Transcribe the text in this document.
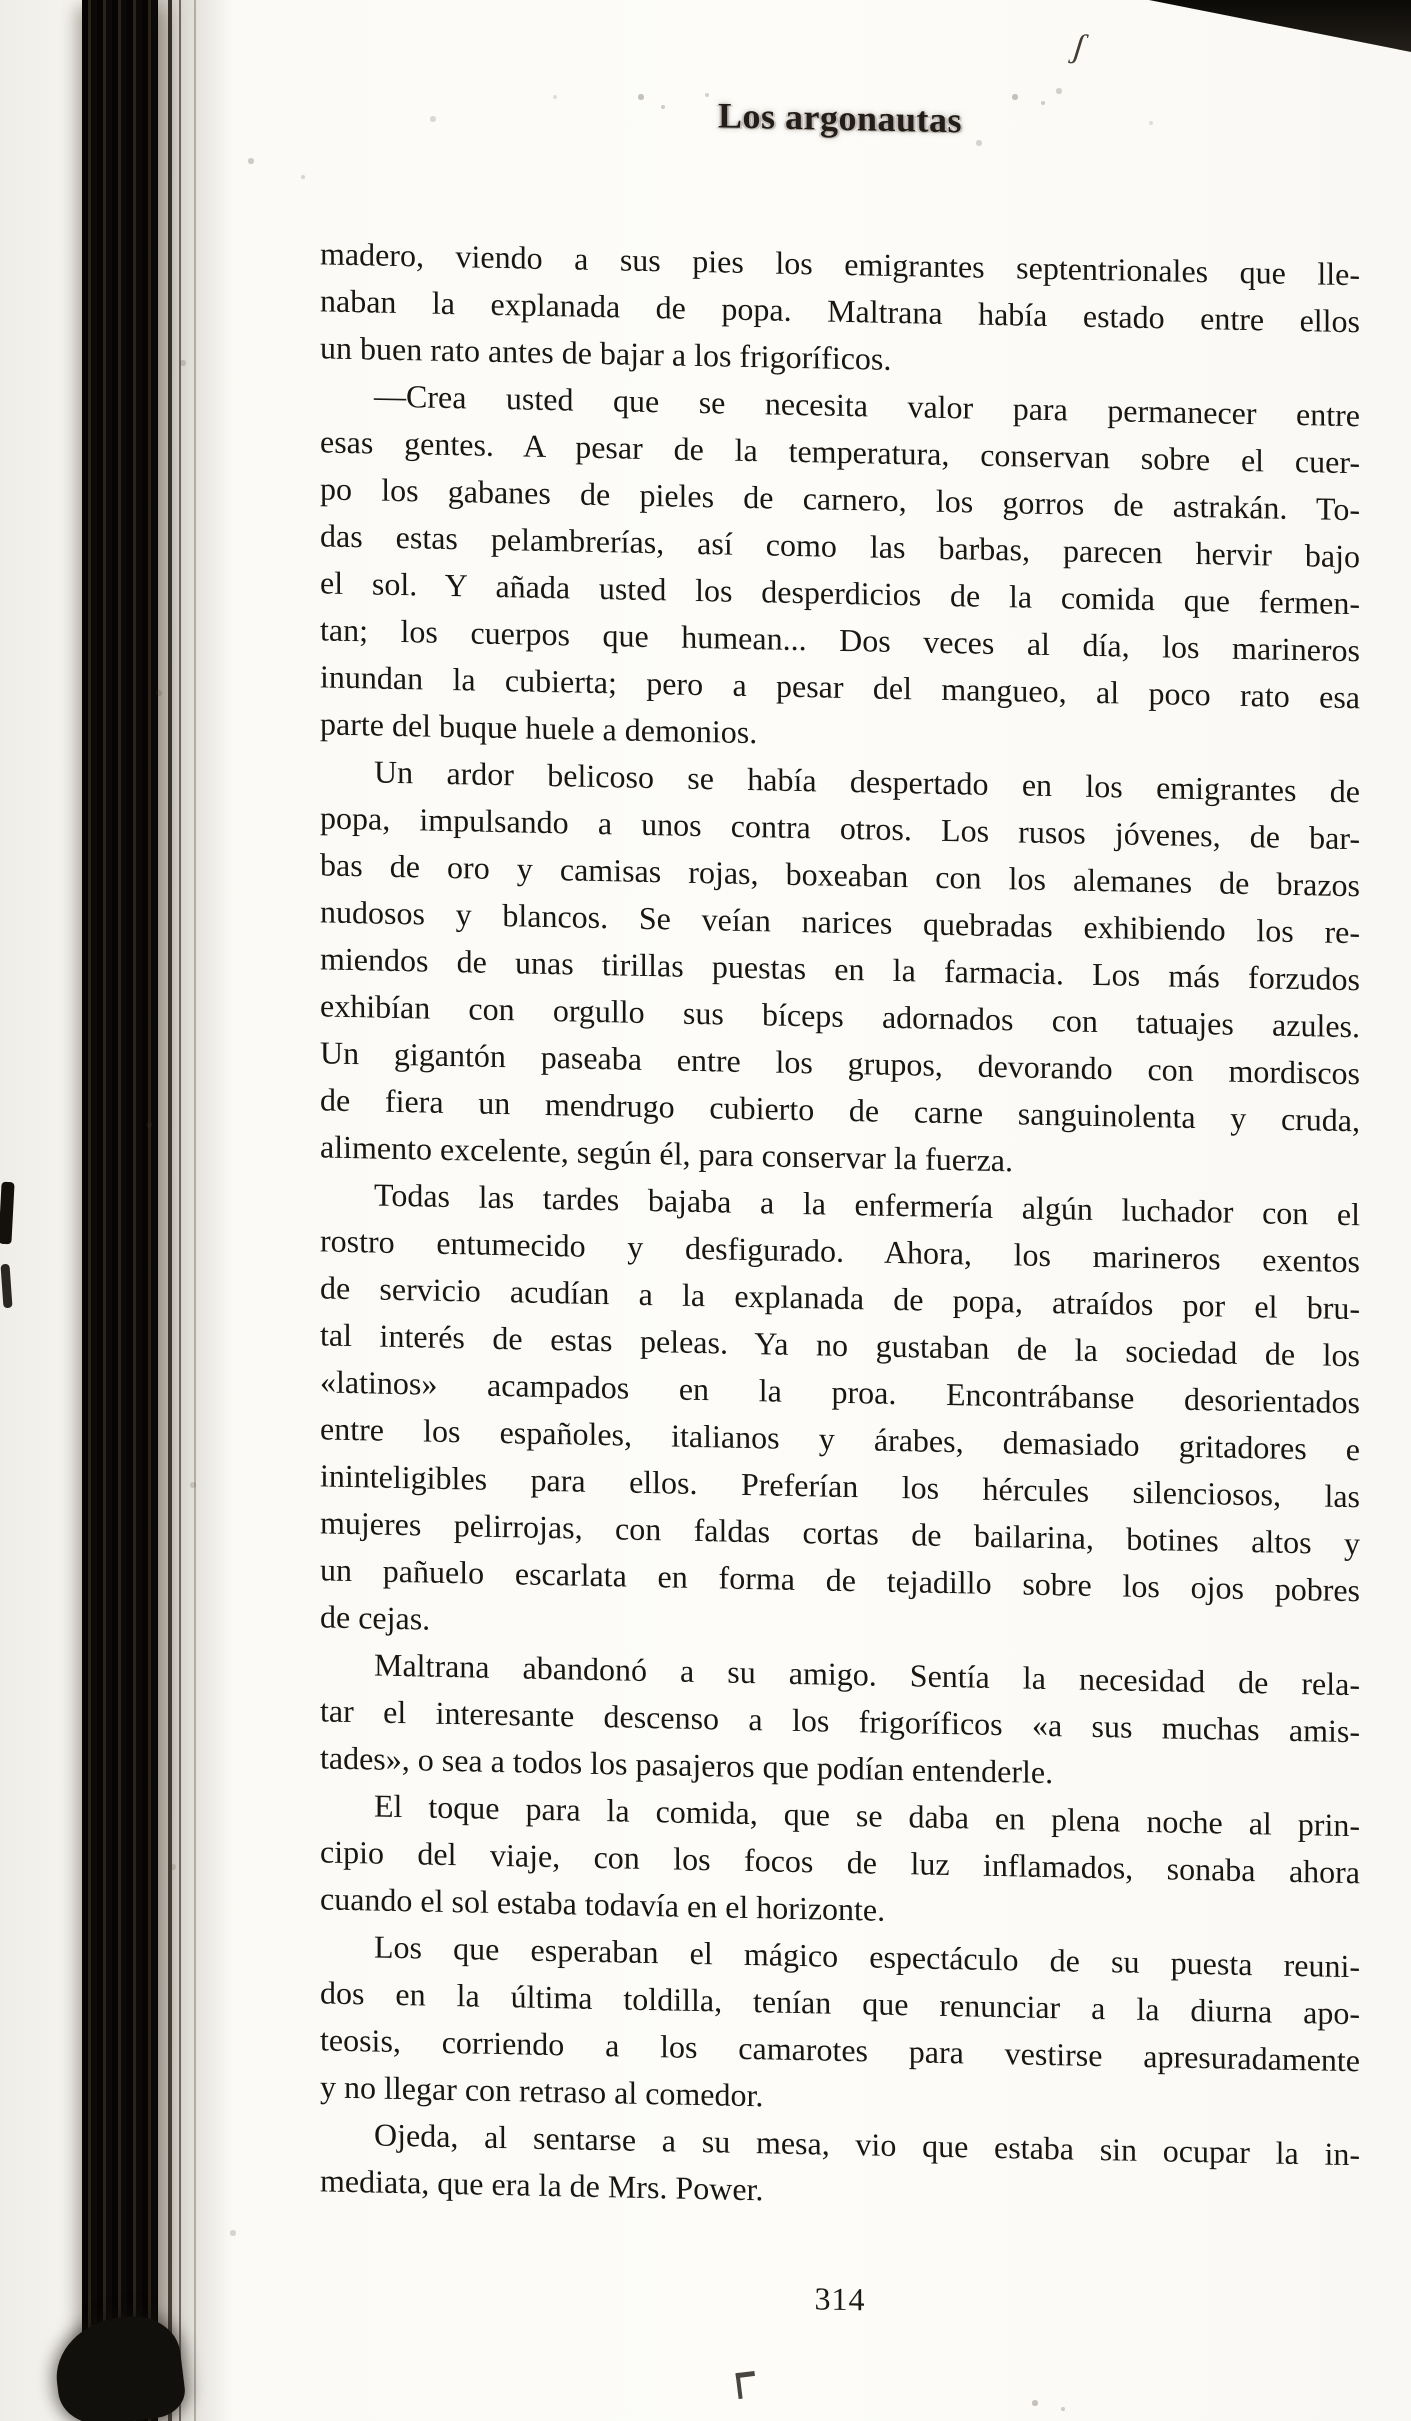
ʃ
Los argonautas
madero, viendo a sus pies los emigrantes septentrionales que lle-
naban la explanada de popa. Maltrana había estado entre ellos
un buen rato antes de bajar a los frigoríficos.
—Crea usted que se necesita valor para permanecer entre
esas gentes. A pesar de la temperatura, conservan sobre el cuer-
po los gabanes de pieles de carnero, los gorros de astrakán. To-
das estas pelambrerías, así como las barbas, parecen hervir bajo
el sol. Y añada usted los desperdicios de la comida que fermen-
tan; los cuerpos que humean... Dos veces al día, los marineros
inundan la cubierta; pero a pesar del mangueo, al poco rato esa
parte del buque huele a demonios.
Un ardor belicoso se había despertado en los emigrantes de
popa, impulsando a unos contra otros. Los rusos jóvenes, de bar-
bas de oro y camisas rojas, boxeaban con los alemanes de brazos
nudosos y blancos. Se veían narices quebradas exhibiendo los re-
miendos de unas tirillas puestas en la farmacia. Los más forzudos
exhibían con orgullo sus bíceps adornados con tatuajes azules.
Un gigantón paseaba entre los grupos, devorando con mordiscos
de fiera un mendrugo cubierto de carne sanguinolenta y cruda,
alimento excelente, según él, para conservar la fuerza.
Todas las tardes bajaba a la enfermería algún luchador con el
rostro entumecido y desfigurado. Ahora, los marineros exentos
de servicio acudían a la explanada de popa, atraídos por el bru-
tal interés de estas peleas. Ya no gustaban de la sociedad de los
«latinos» acampados en la proa. Encontrábanse desorientados
entre los españoles, italianos y árabes, demasiado gritadores e
ininteligibles para ellos. Preferían los hércules silenciosos, las
mujeres pelirrojas, con faldas cortas de bailarina, botines altos y
un pañuelo escarlata en forma de tejadillo sobre los ojos pobres
de cejas.
Maltrana abandonó a su amigo. Sentía la necesidad de rela-
tar el interesante descenso a los frigoríficos «a sus muchas amis-
tades», o sea a todos los pasajeros que podían entenderle.
El toque para la comida, que se daba en plena noche al prin-
cipio del viaje, con los focos de luz inflamados, sonaba ahora
cuando el sol estaba todavía en el horizonte.
Los que esperaban el mágico espectáculo de su puesta reuni-
dos en la última toldilla, tenían que renunciar a la diurna apo-
teosis, corriendo a los camarotes para vestirse apresuradamente
y no llegar con retraso al comedor.
Ojeda, al sentarse a su mesa, vio que estaba sin ocupar la in-
mediata, que era la de Mrs. Power.
314
